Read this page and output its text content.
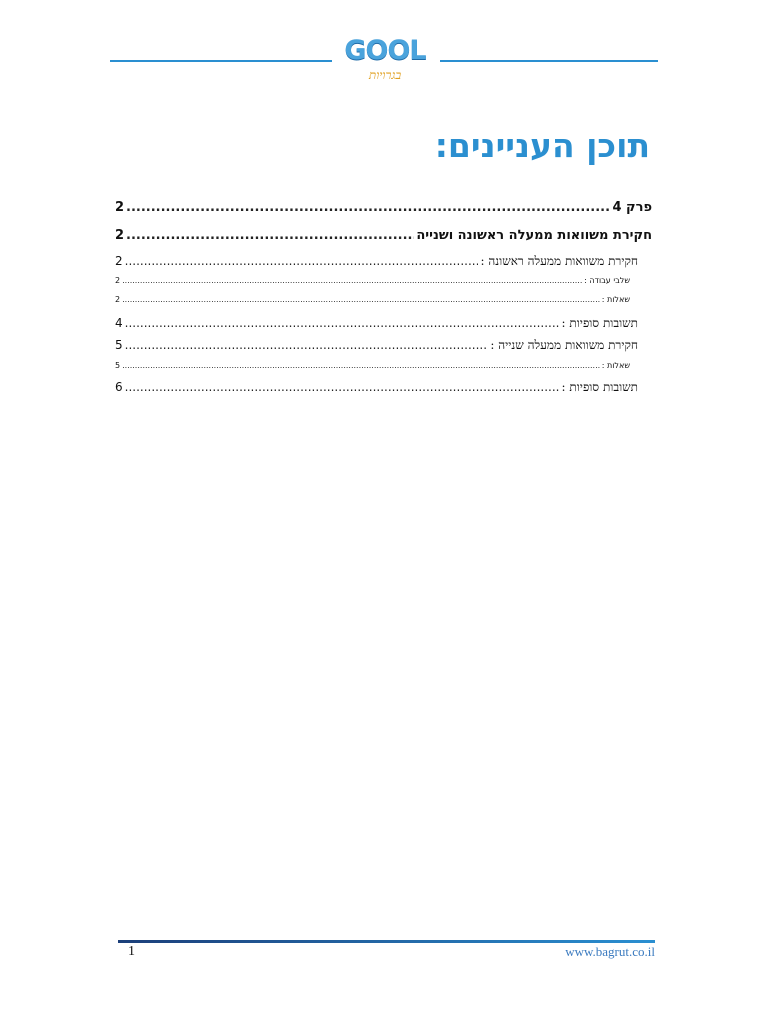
GOOL
בגרויות
תוכן העניינים:
פרק 4
.....
2
חקירת משוואות ממעלה ראשונה ושנייה
.....
2
חקירת משוואות ממעלה ראשונה :
.....
2
שלבי עבודה :
.....
2
שאלות :
.....
2
תשובות סופיות :
.....
4
חקירת משוואות ממעלה שנייה :
.....
5
שאלות :
.....
5
תשובות סופיות :
.....
6
1	www.bagrut.co.il
